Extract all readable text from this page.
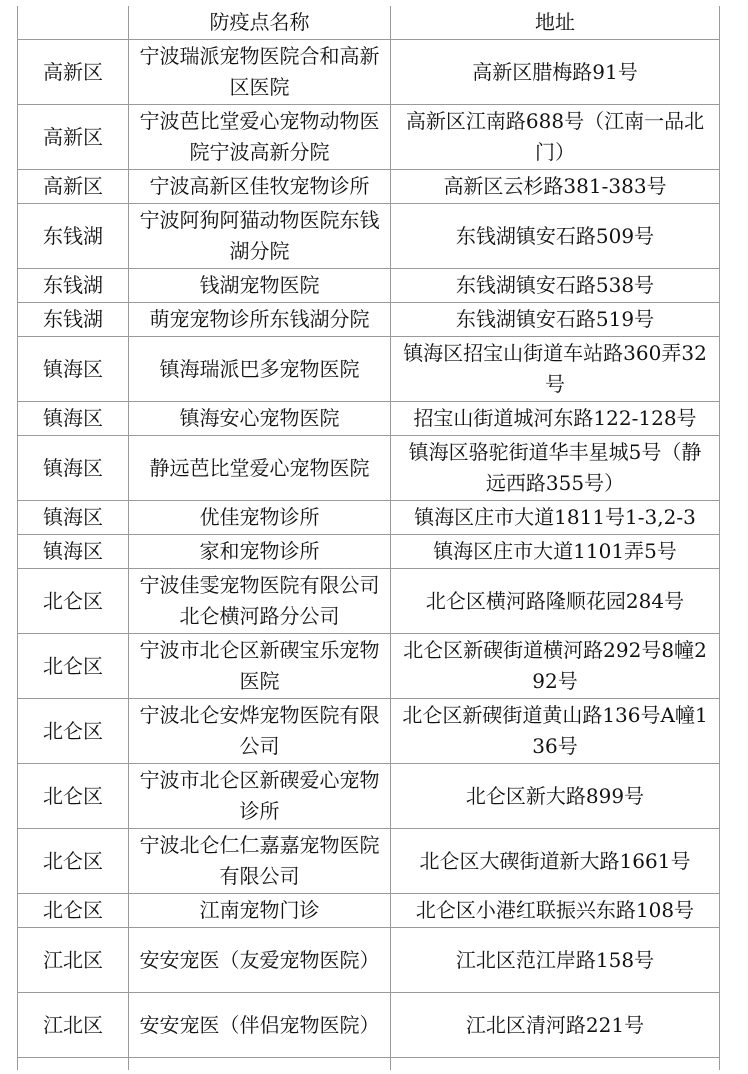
	防疫点名称	地址
高新区	宁波瑞派宠物医院合和高新区医院	高新区腊梅路91号
高新区	宁波芭比堂爱心宠物动物医院宁波高新分院	高新区江南路688号（江南一品北门）
高新区	宁波高新区佳牧宠物诊所	高新区云杉路381-383号
东钱湖	宁波阿狗阿猫动物医院东钱湖分院	东钱湖镇安石路509号
东钱湖	钱湖宠物医院	东钱湖镇安石路538号
东钱湖	萌宠宠物诊所东钱湖分院	东钱湖镇安石路519号
镇海区	镇海瑞派巴多宠物医院	镇海区招宝山街道车站路360弄32号
镇海区	镇海安心宠物医院	招宝山街道城河东路122-128号
镇海区	静远芭比堂爱心宠物医院	镇海区骆驼街道华丰星城5号（静远西路355号）
镇海区	优佳宠物诊所	镇海区庄市大道1811号1-3,2-3
镇海区	家和宠物诊所	镇海区庄市大道1101弄5号
北仑区	宁波佳雯宠物医院有限公司北仑横河路分公司	北仑区横河路隆顺花园284号
北仑区	宁波市北仑区新碶宝乐宠物医院	北仑区新碶街道横河路292号8幢292号
北仑区	宁波北仑安烨宠物医院有限公司	北仑区新碶街道黄山路136号A幢136号
北仑区	宁波市北仑区新碶爱心宠物诊所	北仑区新大路899号
北仑区	宁波北仑仁仁嘉嘉宠物医院有限公司	北仑区大碶街道新大路1661号
北仑区	江南宠物门诊	北仑区小港红联振兴东路108号
江北区	安安宠医（友爱宠物医院）	江北区范江岸路158号
江北区	安安宠医（伴侣宠物医院）	江北区清河路221号
